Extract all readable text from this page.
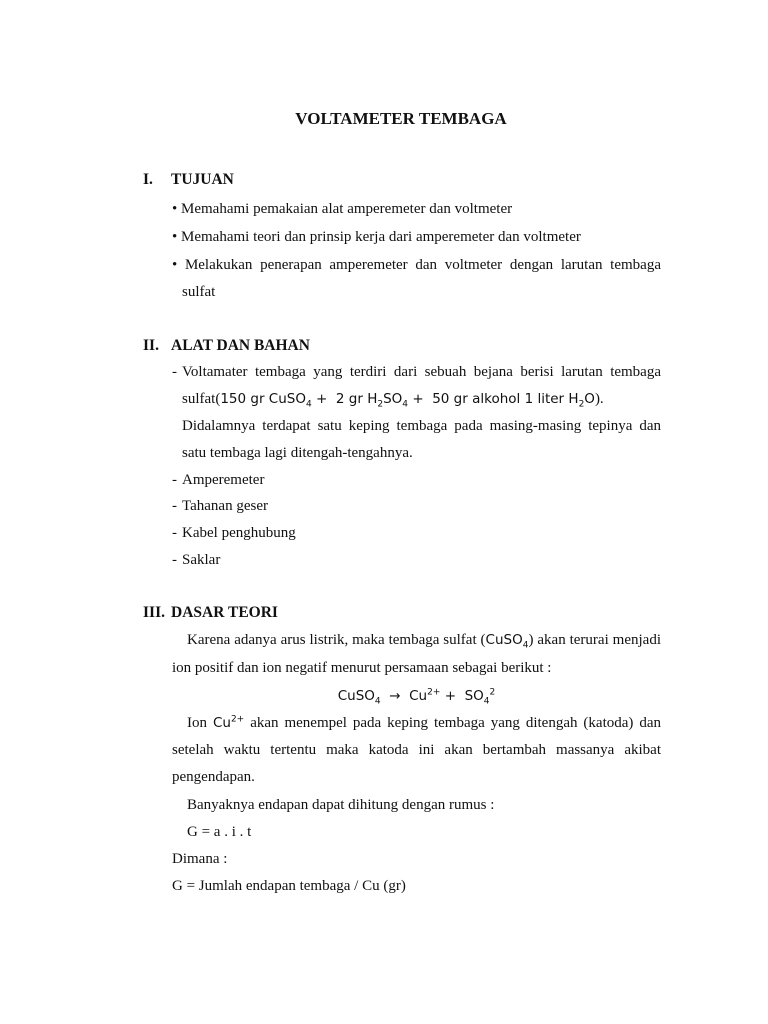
VOLTAMETER TEMBAGA
I. TUJUAN
• Memahami pemakaian alat amperemeter dan voltmeter
• Memahami teori dan prinsip kerja dari amperemeter dan voltmeter
• Melakukan penerapan amperemeter dan voltmeter dengan larutan tembaga
sulfat
II. ALAT DAN BAHAN
- Voltamater tembaga yang terdiri dari sebuah bejana berisi larutan tembaga
sulfat(150 gr CuSO$_4$ +  2 gr $H_2SO_4 + 50$ gr alkohol 1 liter $H_2O$).
Didalamnya terdapat satu keping tembaga pada masing-masing tepinya dan
satu tembaga lagi ditengah-tengahnya.
- Amperemeter
- Tahanan geser
- Kabel penghubung
- Saklar
III. DASAR TEORI
Karena adanya arus listrik, maka tembaga sulfat (CuSO$_4$) akan terurai menjadi
ion positif dan ion negatif menurut persamaan sebagai berikut :
CuSO$_4$  →  $Cu^{2+} + SO_4^2$
Ion $Cu^{2+}$ akan menempel pada keping tembaga yang ditengah (katoda) dan
setelah waktu tertentu maka katoda ini akan bertambah massanya akibat
pengendapan.
Banyaknya endapan dapat dihitung dengan rumus :
G = a . i . t
Dimana :
G = Jumlah endapan tembaga / Cu (gr)
